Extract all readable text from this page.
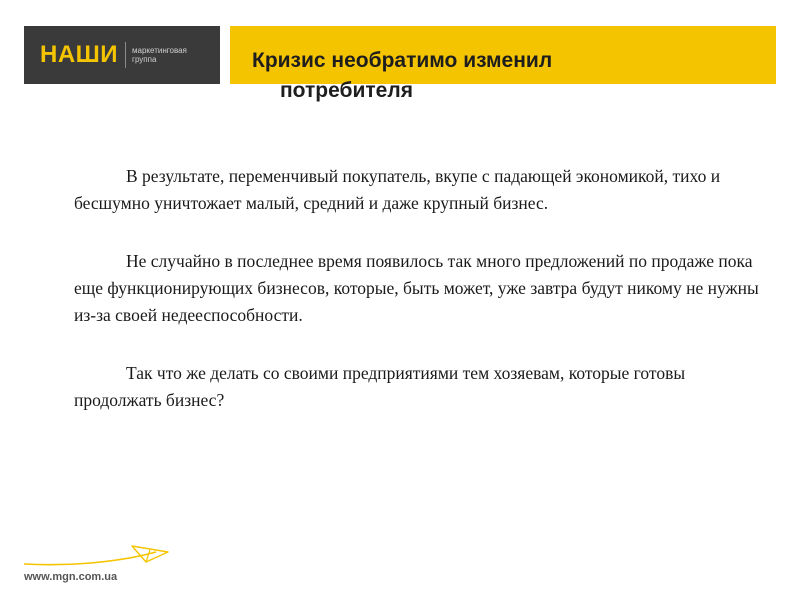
НАШИ маркетинговая группа	Кризис необратимо изменил
потребителя

В результате, переменчивый покупатель, вкупе с падающей экономикой, тихо и бесшумно уничтожает малый, средний и даже крупный бизнес.

Не случайно в последнее время появилось так много предложений по продаже пока еще функционирующих бизнесов, которые, быть может, уже завтра будут никому не нужны из-за своей недееспособности.

Так что же делать со своими предприятиями тем хозяевам, которые готовы продолжать бизнес?

www.mgn.com.ua
